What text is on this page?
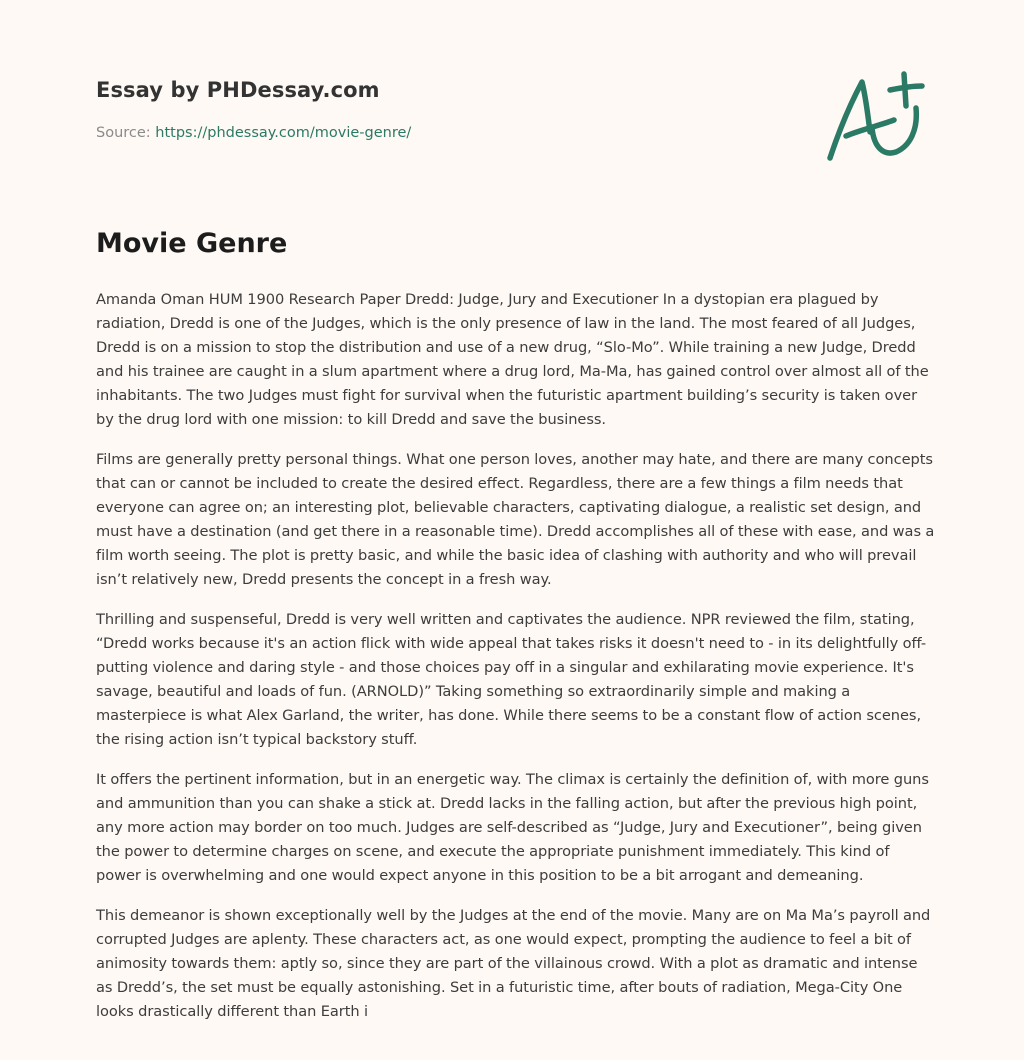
Essay by PHDessay.com
Source: https://phdessay.com/movie-genre/
Movie Genre

Amanda Oman HUM 1900 Research Paper Dredd: Judge, Jury and Executioner In a dystopian era plagued by radiation, Dredd is one of the Judges, which is the only presence of law in the land. The most feared of all Judges, Dredd is on a mission to stop the distribution and use of a new drug, “Slo-Mo”. While training a new Judge, Dredd and his trainee are caught in a slum apartment where a drug lord, Ma-Ma, has gained control over almost all of the inhabitants. The two Judges must fight for survival when the futuristic apartment building’s security is taken over by the drug lord with one mission: to kill Dredd and save the business.

Films are generally pretty personal things. What one person loves, another may hate, and there are many concepts that can or cannot be included to create the desired effect. Regardless, there are a few things a film needs that everyone can agree on; an interesting plot, believable characters, captivating dialogue, a realistic set design, and must have a destination (and get there in a reasonable time). Dredd accomplishes all of these with ease, and was a film worth seeing. The plot is pretty basic, and while the basic idea of clashing with authority and who will prevail isn’t relatively new, Dredd presents the concept in a fresh way.

Thrilling and suspenseful, Dredd is very well written and captivates the audience. NPR reviewed the film, stating, “Dredd works because it's an action flick with wide appeal that takes risks it doesn't need to - in its delightfully off-putting violence and daring style - and those choices pay off in a singular and exhilarating movie experience. It's savage, beautiful and loads of fun. (ARNOLD)” Taking something so extraordinarily simple and making a masterpiece is what Alex Garland, the writer, has done. While there seems to be a constant flow of action scenes, the rising action isn’t typical backstory stuff.

It offers the pertinent information, but in an energetic way. The climax is certainly the definition of, with more guns and ammunition than you can shake a stick at. Dredd lacks in the falling action, but after the previous high point, any more action may border on too much. Judges are self-described as “Judge, Jury and Executioner”, being given the power to determine charges on scene, and execute the appropriate punishment immediately. This kind of power is overwhelming and one would expect anyone in this position to be a bit arrogant and demeaning.

This demeanor is shown exceptionally well by the Judges at the end of the movie. Many are on Ma Ma’s payroll and corrupted Judges are aplenty. These characters act, as one would expect, prompting the audience to feel a bit of animosity towards them: aptly so, since they are part of the villainous crowd. With a plot as dramatic and intense as Dredd’s, the set must be equally astonishing. Set in a futuristic time, after bouts of radiation, Mega-City One looks drastically different than Earth i
